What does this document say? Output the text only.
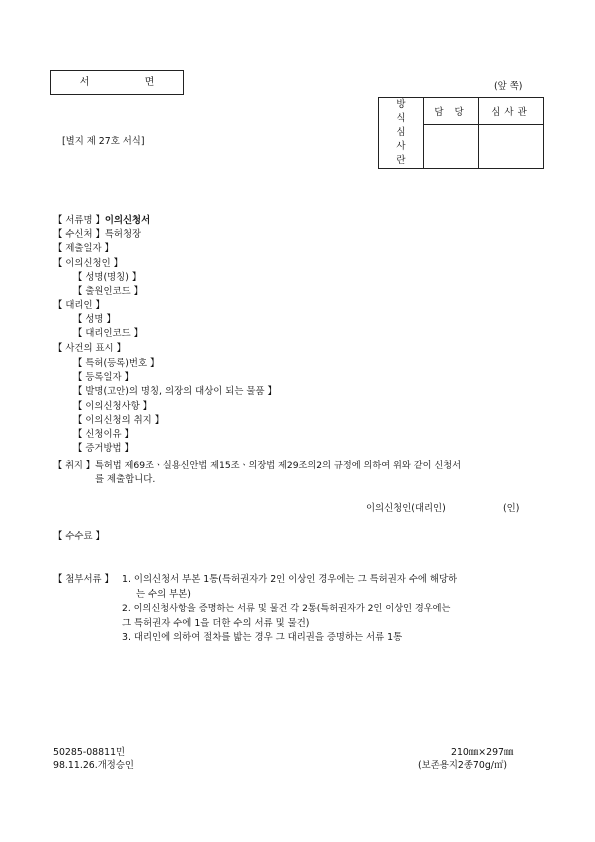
서 면	(앞 쪽)
[별지 제 27호 서식]
방
식
심
사
란	담 당	심사관

【 서류명 】이의신청서
【 수신처 】특허청장
【 제출일자 】
【 이의신청인 】
【 성명(명칭) 】
【 출원인코드 】
【 대리인 】
【 성명 】
【 대리인코드 】
【 사건의 표시 】
【 특허(등록)번호 】
【 등록일자 】
【 발명(고안)의 명칭, 의장의 대상이 되는 물품 】
【 이의신청사항 】
【 이의신청의 취지 】
【 신청이유 】
【 증거방법 】
【 취지 】특허법 제69조ㆍ실용신안법 제15조ㆍ의장법 제29조의2의 규정에 의하여 위와 같이 신청서
를 제출합니다.
이의신청인(대리인)	(인)
【 수수료 】
【 첨부서류 】 1. 이의신청서 부본 1통(특허권자가 2인 이상인 경우에는 그 특허권자 수에 해당하
는 수의 부본)
2. 이의신청사항을 증명하는 서류 및 물건 각 2통(특허권자가 2인 이상인 경우에는
그 특허권자 수에 1을 더한 수의 서류 및 물건)
3. 대리인에 의하여 절차를 밟는 경우 그 대리권을 증명하는 서류 1통
50285-08811민
98.11.26.개정승인
210㎜×297㎜
(보존용지2종70g/㎡)
